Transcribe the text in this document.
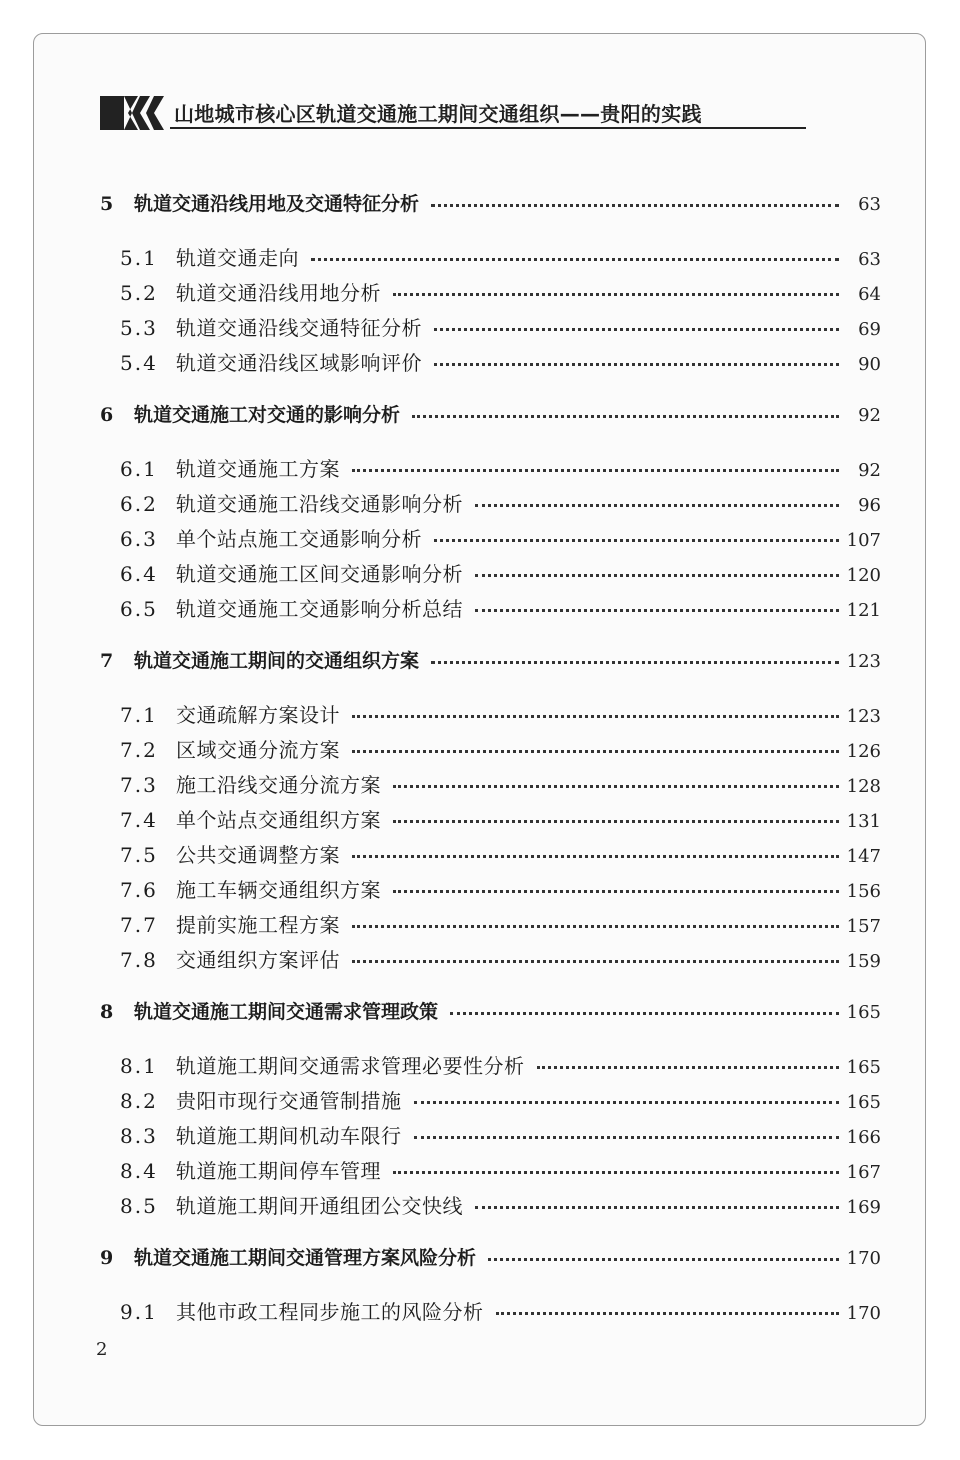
山地城市核心区轨道交通施工期间交通组织——贵阳的实践
5	轨道交通沿线用地及交通特征分析	63
5.1 轨道交通走向	63
5.2 轨道交通沿线用地分析	64
5.3 轨道交通沿线交通特征分析	69
5.4 轨道交通沿线区域影响评价	90
6	轨道交通施工对交通的影响分析	92
6.1 轨道交通施工方案	92
6.2 轨道交通施工沿线交通影响分析	96
6.3 单个站点施工交通影响分析	107
6.4 轨道交通施工区间交通影响分析	120
6.5 轨道交通施工交通影响分析总结	121
7	轨道交通施工期间的交通组织方案	123
7.1 交通疏解方案设计	123
7.2 区域交通分流方案	126
7.3 施工沿线交通分流方案	128
7.4 单个站点交通组织方案	131
7.5 公共交通调整方案	147
7.6 施工车辆交通组织方案	156
7.7 提前实施工程方案	157
7.8 交通组织方案评估	159
8	轨道交通施工期间交通需求管理政策	165
8.1 轨道施工期间交通需求管理必要性分析	165
8.2 贵阳市现行交通管制措施	165
8.3 轨道施工期间机动车限行	166
8.4 轨道施工期间停车管理	167
8.5 轨道施工期间开通组团公交快线	169
9	轨道交通施工期间交通管理方案风险分析	170
9.1 其他市政工程同步施工的风险分析	170
2
